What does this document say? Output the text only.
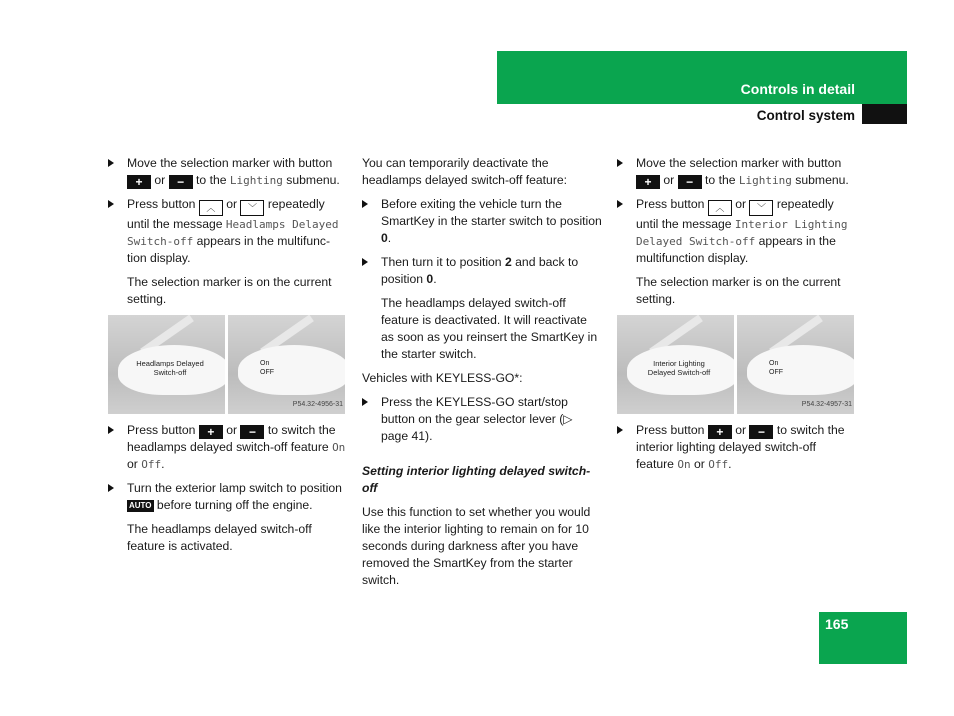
Controls in detail
Control system
Move the selection marker with button + or − to the Lighting submenu.
Press button ︿ or ﹀ repeatedly until the message Headlamps Delayed Switch-off appears in the multifunc-tion display.

The selection marker is on the current setting.

Headlamps Delayed Switch-off
On
OFF
P54.32-4956-31
Press button + or − to switch the headlamps delayed switch-off feature On or Off.
Turn the exterior lamp switch to position AUTO before turning off the engine.

The headlamps delayed switch-off feature is activated.

You can temporarily deactivate the headlamps delayed switch-off feature:

Before exiting the vehicle turn the SmartKey in the starter switch to position 0.
Then turn it to position 2 and back to position 0.

The headlamps delayed switch-off feature is deactivated. It will reactivate as soon as you reinsert the SmartKey in the starter switch.

Vehicles with KEYLESS-GO*:

Press the KEYLESS-GO start/stop button on the gear selector lever (▷ page 41).

Setting interior lighting delayed switch-off

Use this function to set whether you would like the interior lighting to remain on for 10 seconds during darkness after you have removed the SmartKey from the starter switch.

Move the selection marker with button + or − to the Lighting submenu.
Press button ︿ or ﹀ repeatedly until the message Interior Lighting Delayed Switch-off appears in the multifunction display.

The selection marker is on the current setting.

Interior Lighting Delayed Switch-off
On
OFF
P54.32-4957-31
Press button + or − to switch the interior lighting delayed switch-off feature On or Off.
165
